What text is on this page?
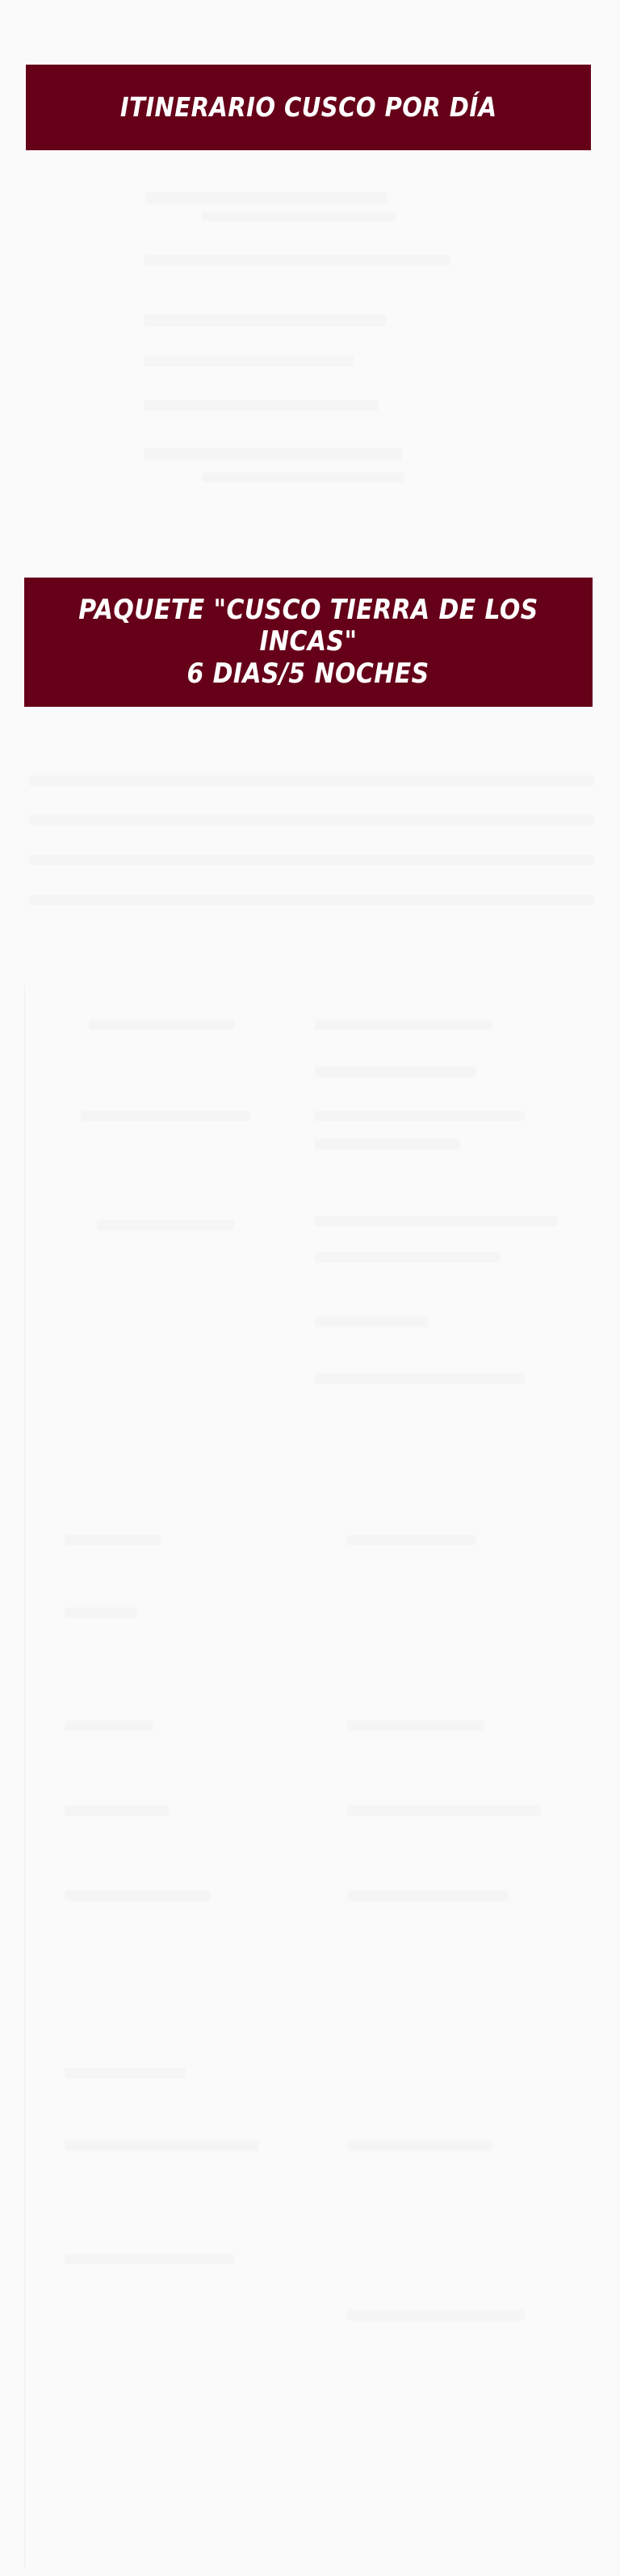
ITINERARIO CUSCO POR DÍA
PAQUETE "CUSCO TIERRA DE LOS INCAS"
6 DIAS/5 NOCHES
